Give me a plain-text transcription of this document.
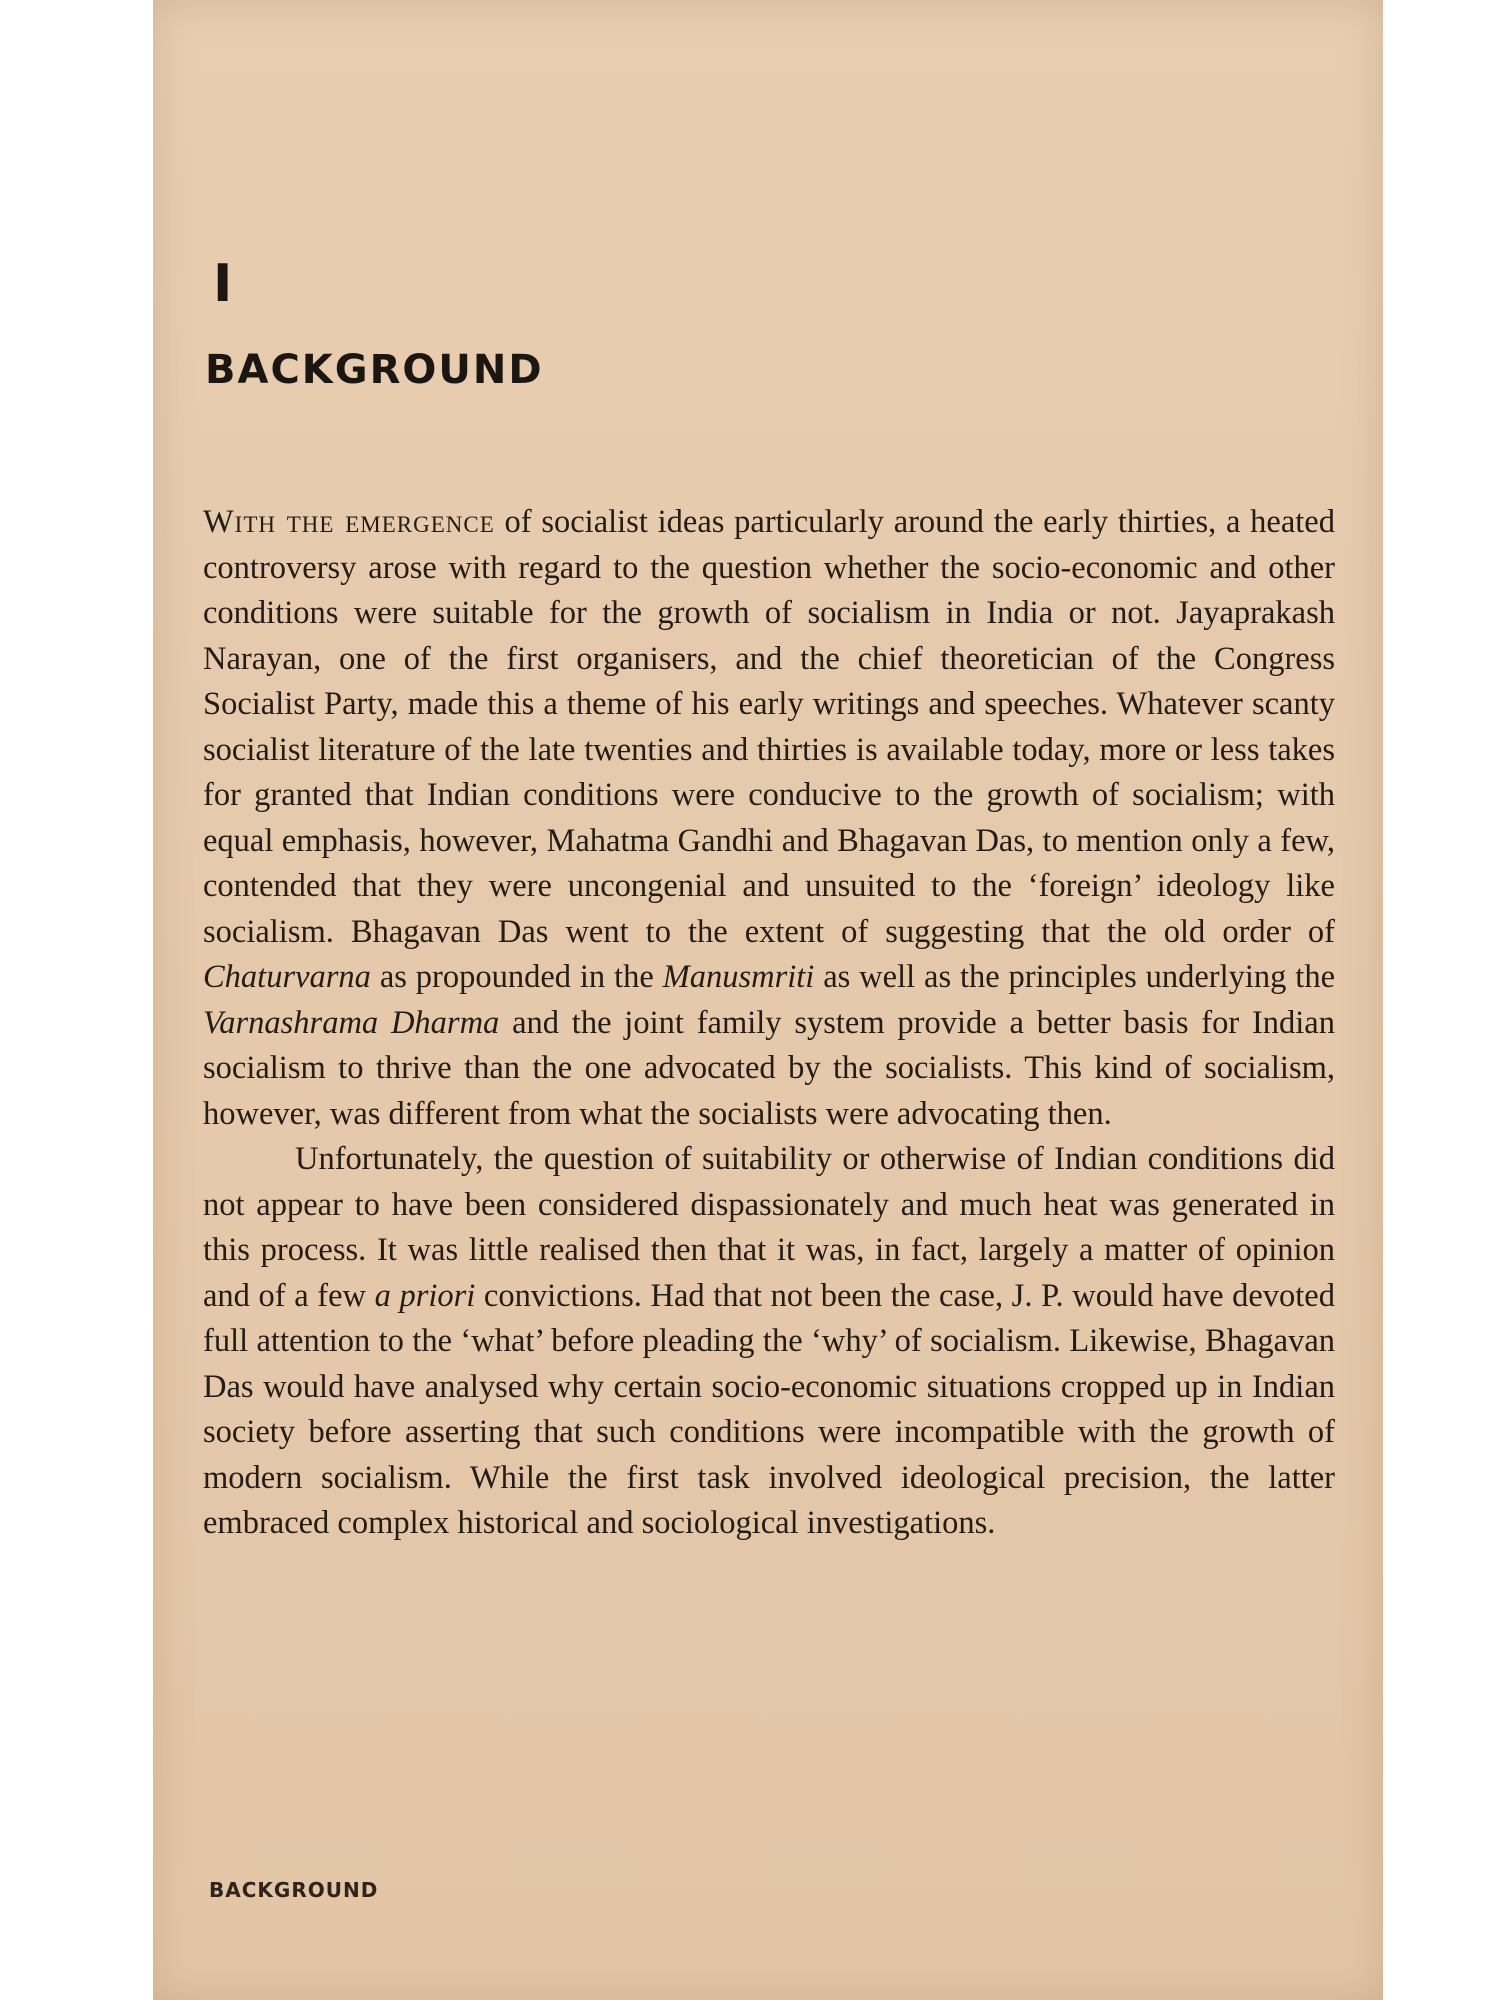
I
BACKGROUND

With the emergence of socialist ideas particularly around the early thirties, a heated controversy arose with regard to the question whether the socio-economic and other conditions were suitable for the growth of socialism in India or not. Jayaprakash Narayan, one of the first organisers, and the chief theoretician of the Congress Socialist Party, made this a theme of his early writings and speeches. Whatever scanty socialist literature of the late twenties and thirties is available today, more or less takes for granted that Indian conditions were conducive to the growth of socialism; with equal emphasis, however, Mahatma Gandhi and Bhagavan Das, to mention only a few, contended that they were uncongenial and unsuited to the ‘foreign’ ideology like socialism. Bhagavan Das went to the extent of suggesting that the old order of Chaturvarna as propounded in the Manusmriti as well as the principles underlying the Varnashrama Dharma and the joint family system provide a better basis for Indian socialism to thrive than the one advocated by the socialists. This kind of socialism, however, was different from what the socialists were advocating then.

Unfortunately, the question of suitability or otherwise of Indian conditions did not appear to have been considered dispassionately and much heat was generated in this process. It was little realised then that it was, in fact, largely a matter of opinion and of a few a priori convictions. Had that not been the case, J. P. would have devoted full attention to the ‘what’ before pleading the ‘why’ of socialism. Likewise, Bhagavan Das would have analysed why certain socio-economic situations cropped up in Indian society before asserting that such conditions were incompatible with the growth of modern socialism. While the first task involved ideological precision, the latter embraced complex historical and sociological investigations.

BACKGROUND
